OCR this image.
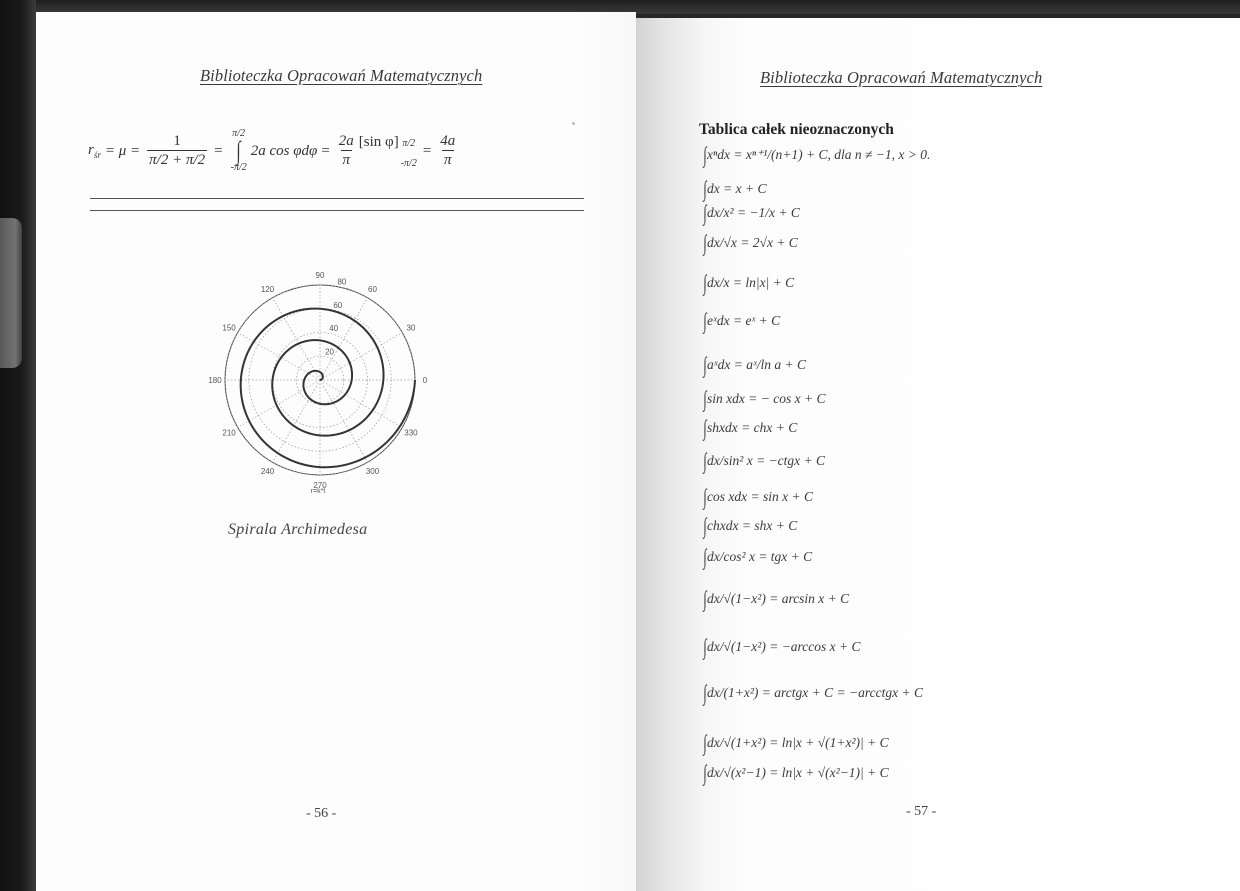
Biblioteczka Opracowań Matematycznych
$r_{śr} = \mu = \frac{1}{\pi/2 + \pi/2}$ =
π/2
∫
-π/2
2a $\cos \varphi d\varphi = \frac{2a}{\pi} [\sin$ φ] π/2
-π/2
= $\frac{4a}{\pi}$
20
40
60
80
0
30
60
90
120
150
180
210
240
270
300
330
r=k*t
Spirala Archimedesa
- 56 -
Biblioteczka Opracowań Matematycznych
Tablica całek nieoznaczonych
∫ xⁿdx
= xⁿ⁺¹/(n+1) + C, dla n ≠ −1, x > 0.
∫ dx
= x + C
∫ dx/x²
= −1/x + C
∫ dx/√x
= 2√x + C
∫ dx/x
= ln|x| + C
∫ eˣdx
= eˣ + C
∫ aˣdx
= aˣ/ln a + C
∫ sin xdx
= − cos x + C
∫ shxdx
= chx + C
∫ dx/sin² x
= −ctgx + C
∫ cos xdx
= sin x + C
∫ chxdx
= shx + C
∫ dx/cos² x
= tgx + C
∫ dx/√(1−x²)
= arcsin x + C
∫ dx/√(1−x²)
= −arccos x + C
∫ dx/(1+x²)
= arctgx + C = −arcctgx + C
∫ dx/√(1+x²)
= ln|x + √(1+x²)| + C
∫ dx/√(x²−1)
= ln|x + √(x²−1)| + C
- 57 -
